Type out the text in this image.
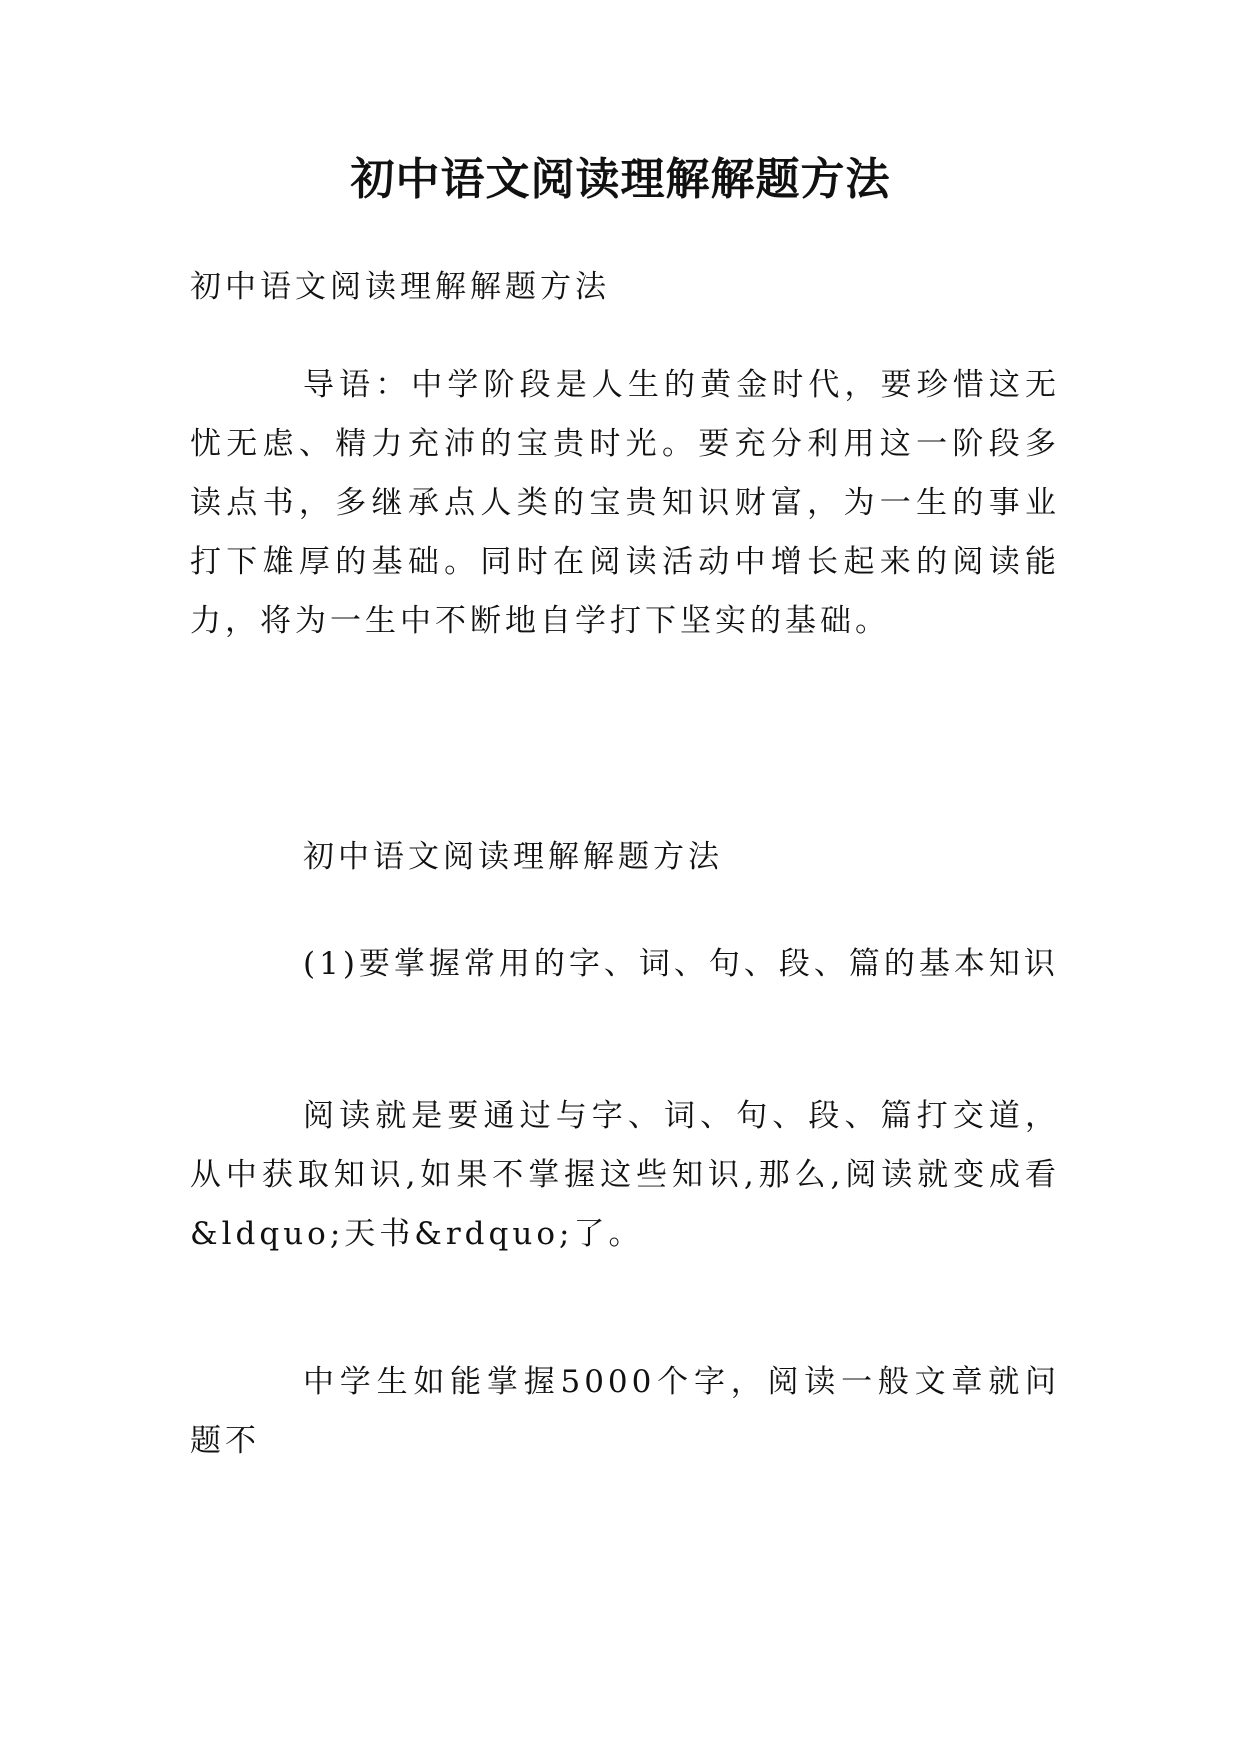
初中语文阅读理解解题方法
初中语文阅读理解解题方法
导语：中学阶段是人生的黄金时代，要珍惜这无忧无虑、精力充沛的宝贵时光。要充分利用这一阶段多读点书，多继承点人类的宝贵知识财富，为一生的事业打下雄厚的基础。同时在阅读活动中增长起来的阅读能力，将为一生中不断地自学打下坚实的基础。
初中语文阅读理解解题方法
(1)要掌握常用的字、词、句、段、篇的基本知识
阅读就是要通过与字、词、句、段、篇打交道，从中获取知识,如果不掌握这些知识,那么,阅读就变成看&ldquo;天书&rdquo;了。
中学生如能掌握5000个字，阅读一般文章就问题不
